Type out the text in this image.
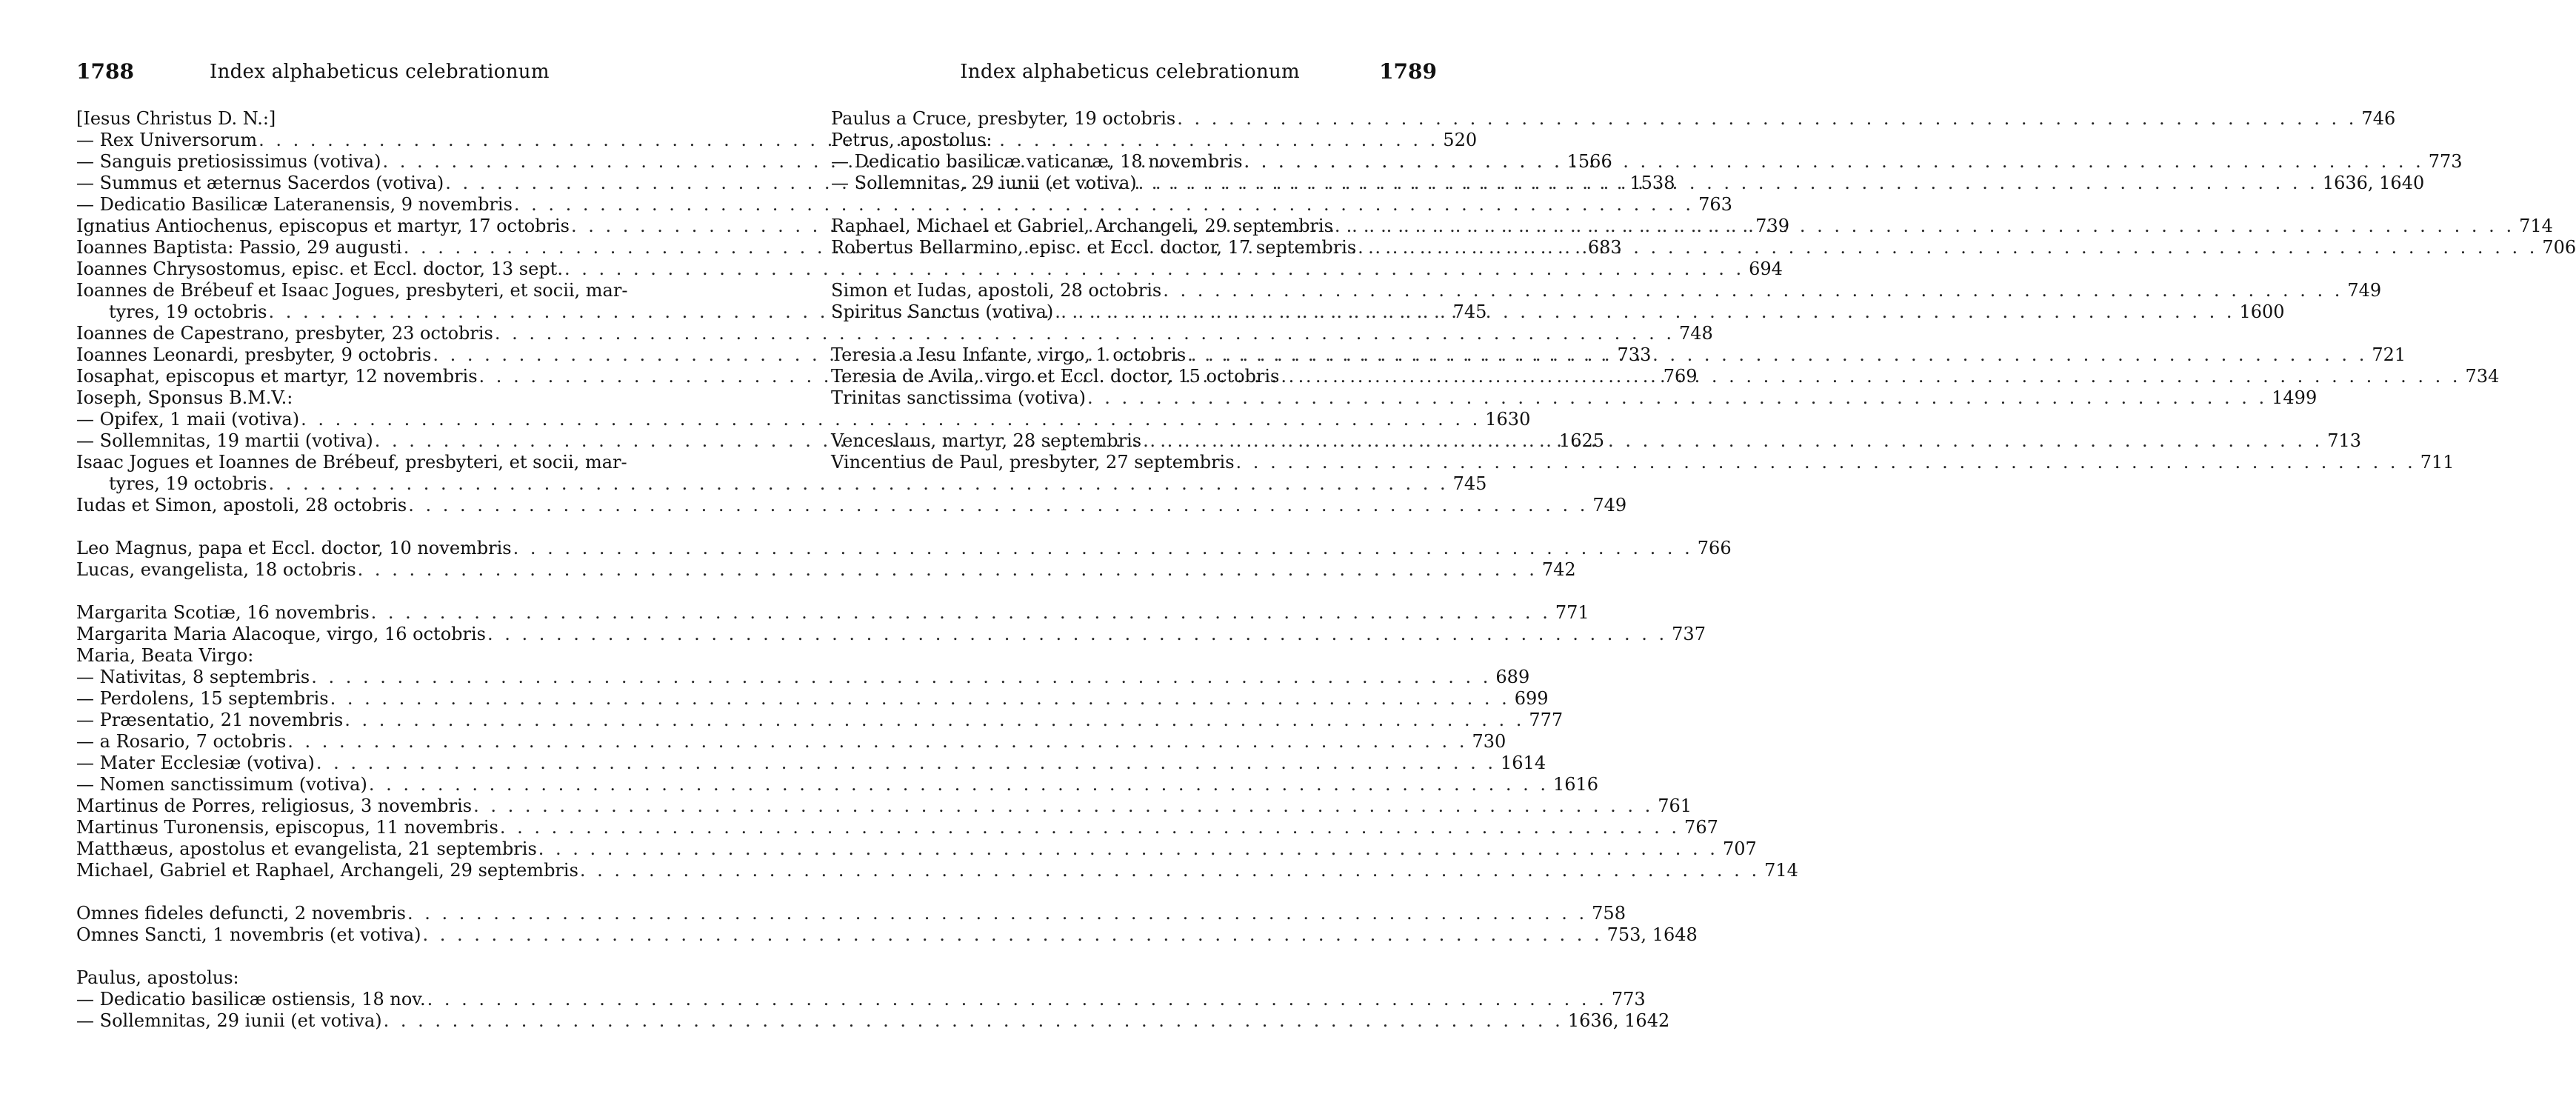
1788	Index alphabeticus celebrationum
[Iesus Christus D. N.:]
— Rex Universorum . . .	520
— Sanguis pretiosissimus (votiva) . . .	1566
— Summus et æternus Sacerdos (votiva) . . .	1538
— Dedicatio Basilicæ Lateranensis, 9 novembris . . .	763
Ignatius Antiochenus, episcopus et martyr, 17 octobris . . .	739
Ioannes Baptista: Passio, 29 augusti . . .	683
Ioannes Chrysostomus, episc. et Eccl. doctor, 13 sept. . . .	694
Ioannes de Brébeuf et Isaac Jogues, presbyteri, et socii, mar-
tyres, 19 octobris . . .	745
Ioannes de Capestrano, presbyter, 23 octobris . . .	748
Ioannes Leonardi, presbyter, 9 octobris . . .	733
Iosaphat, episcopus et martyr, 12 novembris . . .	769
Ioseph, Sponsus B.M.V.:
— Opifex, 1 maii (votiva) . . .	1630
— Sollemnitas, 19 martii (votiva) . . .	1625
Isaac Jogues et Ioannes de Brébeuf, presbyteri, et socii, mar-
tyres, 19 octobris . . .	745
Iudas et Simon, apostoli, 28 octobris . . .	749
Leo Magnus, papa et Eccl. doctor, 10 novembris . . .	766
Lucas, evangelista, 18 octobris . . .	742
Margarita Scotiæ, 16 novembris . . .	771
Margarita Maria Alacoque, virgo, 16 octobris . . .	737
Maria, Beata Virgo:
— Nativitas, 8 septembris . . .	689
— Perdolens, 15 septembris . . .	699
— Præsentatio, 21 novembris . . .	777
— a Rosario, 7 octobris . . .	730
— Mater Ecclesiæ (votiva) . . .	1614
— Nomen sanctissimum (votiva) . . .	1616
Martinus de Porres, religiosus, 3 novembris . . .	761
Martinus Turonensis, episcopus, 11 novembris . . .	767
Matthæus, apostolus et evangelista, 21 septembris . . .	707
Michael, Gabriel et Raphael, Archangeli, 29 septembris . . .	714
Omnes fideles defuncti, 2 novembris . . .	758
Omnes Sancti, 1 novembris (et votiva) . . .	753, 1648
Paulus, apostolus:
— Dedicatio basilicæ ostiensis, 18 nov. . . .	773
— Sollemnitas, 29 iunii (et votiva) . . .	1636, 1642
Index alphabeticus celebrationum	1789
Paulus a Cruce, presbyter, 19 octobris . . .	746
Petrus, apostolus:
— Dedicatio basilicæ vaticanæ, 18 novembris . . .	773
— Sollemnitas, 29 iunii (et votiva) . . .	1636, 1640
Raphael, Michael et Gabriel, Archangeli, 29 septembris . . .	714
Robertus Bellarmino, episc. et Eccl. doctor, 17 septembris . . .	706
Simon et Iudas, apostoli, 28 octobris . . .	749
Spiritus Sanctus (votiva) . . .	1600
Teresia a Iesu Infante, virgo, 1 octobris . . .	721
Teresia de Avila, virgo et Eccl. doctor, 15 octobris . . .	734
Trinitas sanctissima (votiva) . . .	1499
Venceslaus, martyr, 28 septembris . . .	713
Vincentius de Paul, presbyter, 27 septembris . . .	711
